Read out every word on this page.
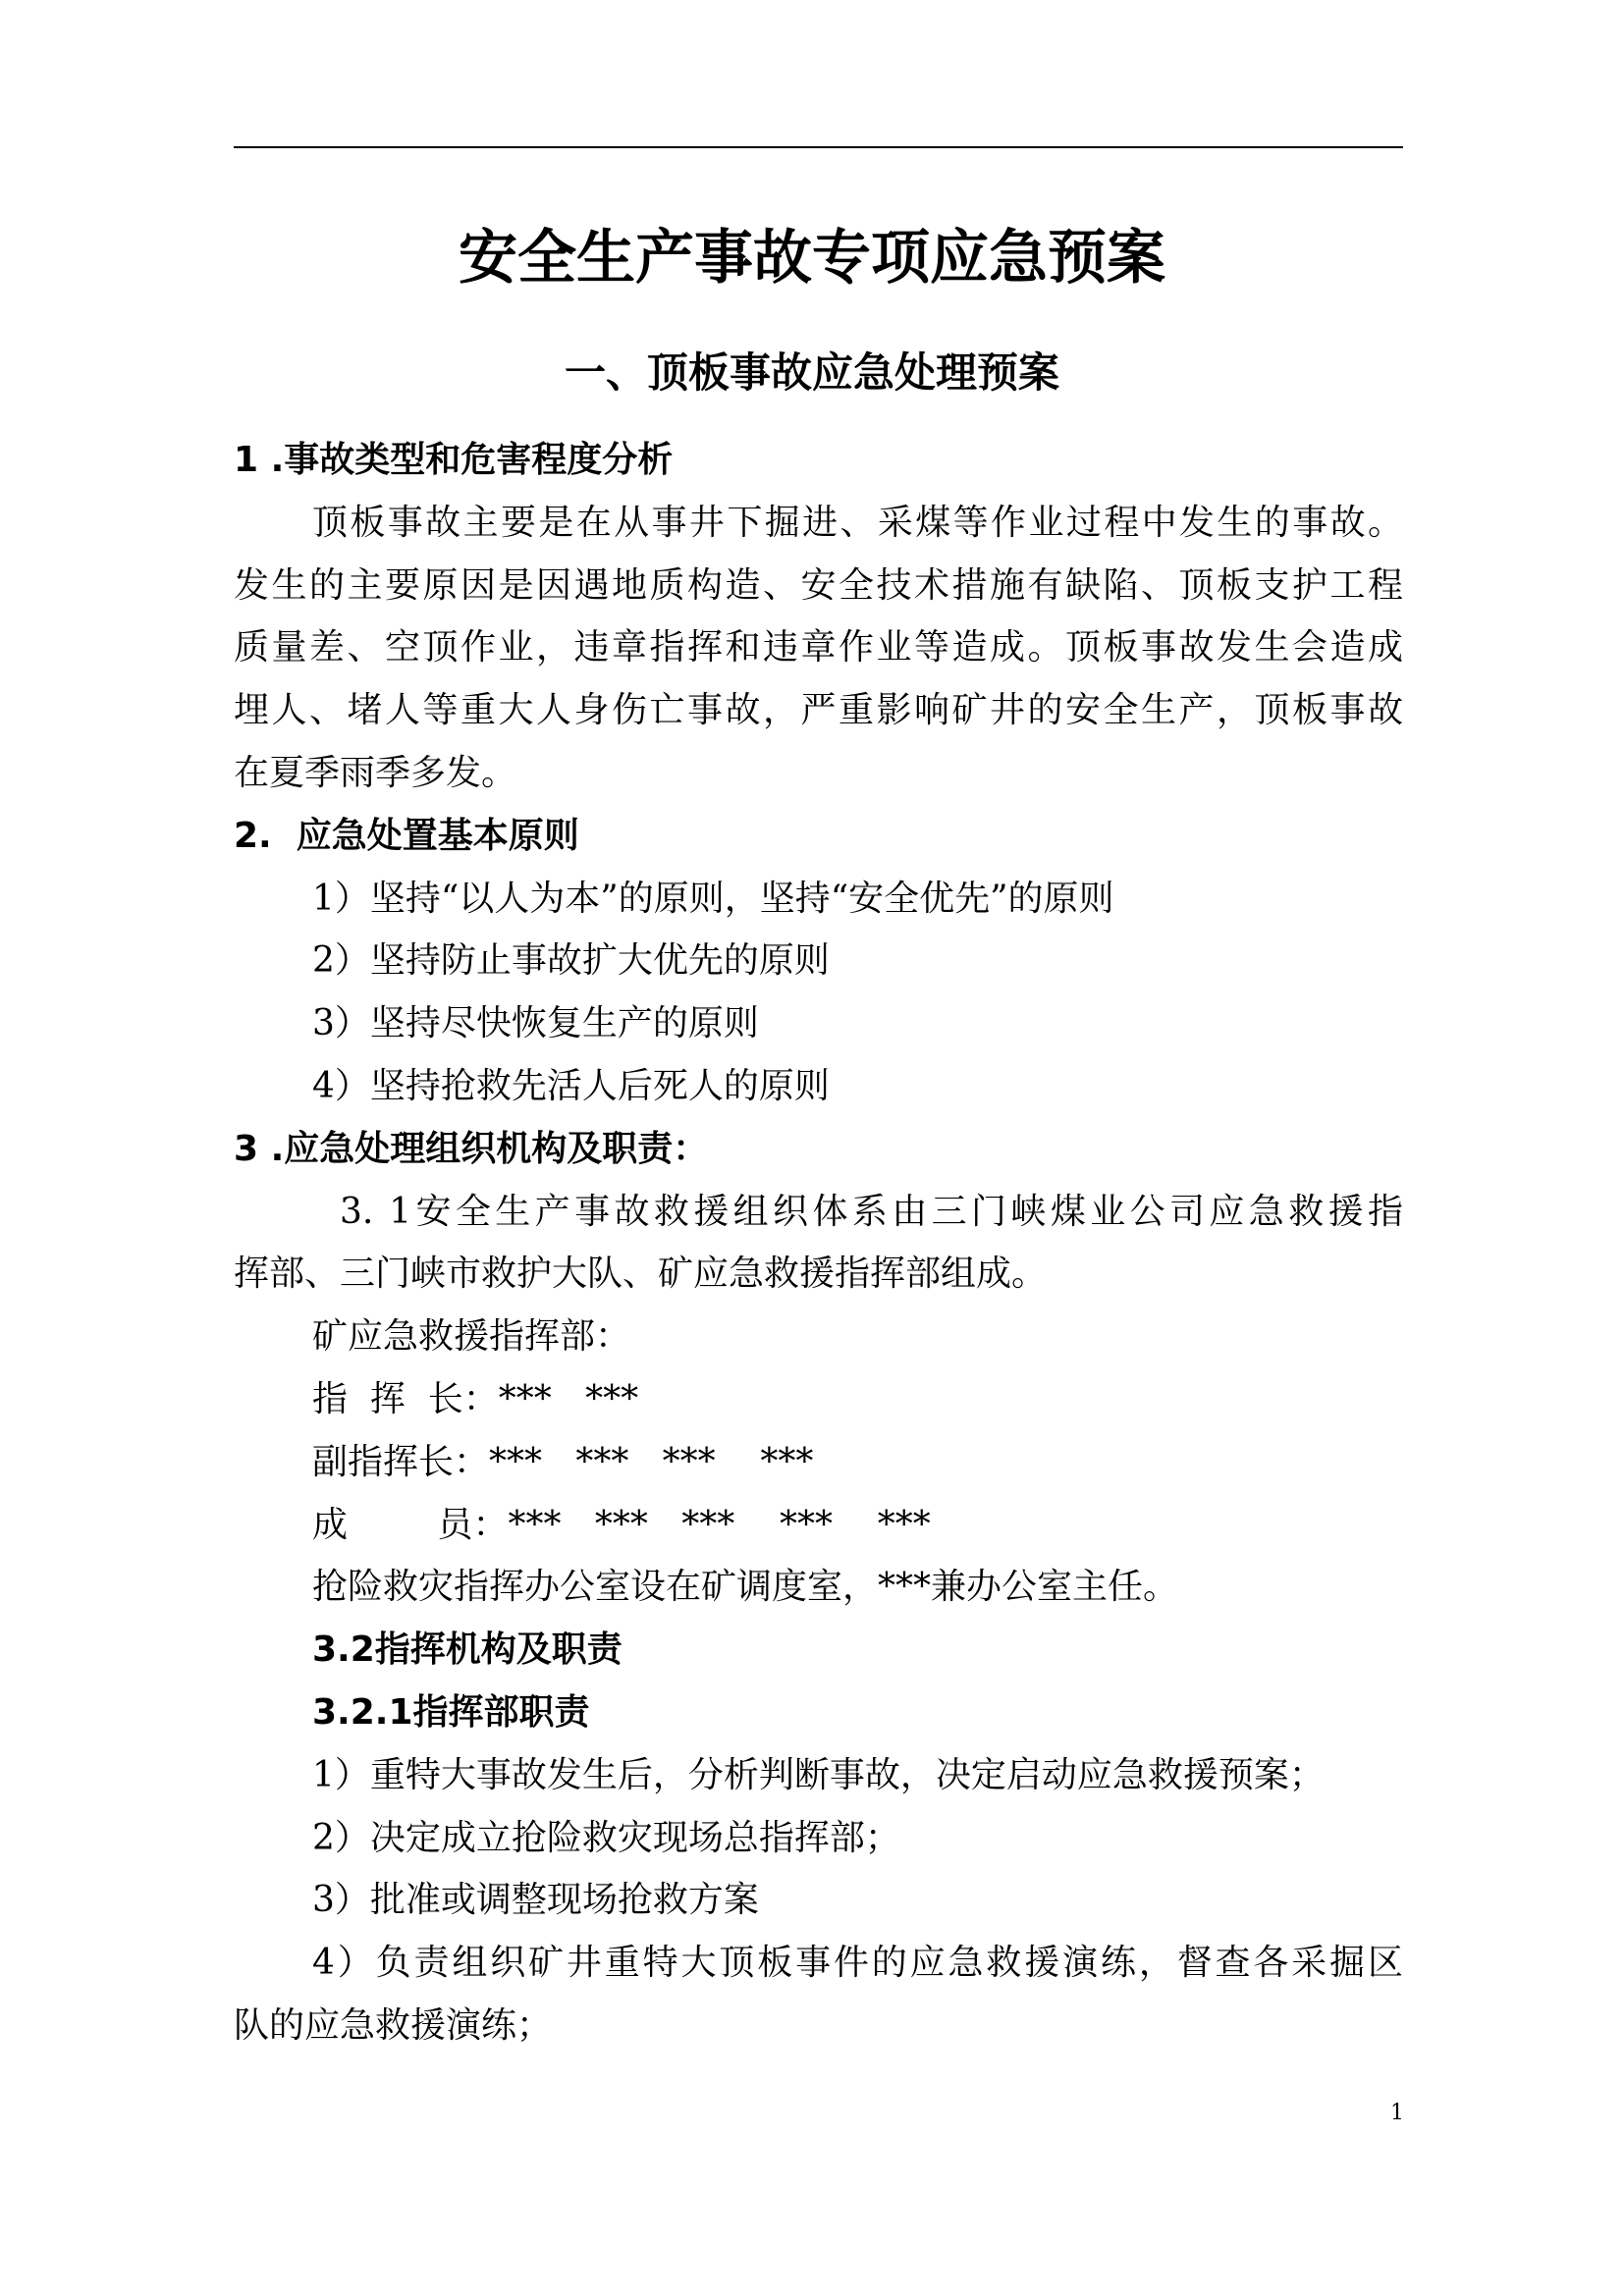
安全生产事故专项应急预案
一、顶板事故应急处理预案
1 .事故类型和危害程度分析
顶板事故主要是在从事井下掘进、采煤等作业过程中发生的事故。
发生的主要原因是因遇地质构造、安全技术措施有缺陷、顶板支护工程
质量差、空顶作业，违章指挥和违章作业等造成。顶板事故发生会造成
埋人、堵人等重大人身伤亡事故，严重影响矿井的安全生产，顶板事故
在夏季雨季多发。
2.  应急处置基本原则
1）坚持“以人为本”的原则，坚持“安全优先”的原则
2）坚持防止事故扩大优先的原则
3）坚持尽快恢复生产的原则
4）坚持抢救先活人后死人的原则
3 .应急处理组织机构及职责：
3. 1安全生产事故救援组织体系由三门峡煤业公司应急救援指
挥部、三门峡市救护大队、矿应急救援指挥部组成。
矿应急救援指挥部：
指  挥  长：***   ***
副指挥长：***   ***   ***    ***
成        员：***   ***   ***    ***    ***
抢险救灾指挥办公室设在矿调度室，***兼办公室主任。
3.2指挥机构及职责
3.2.1指挥部职责
1）重特大事故发生后，分析判断事故，决定启动应急救援预案；
2）决定成立抢险救灾现场总指挥部；
3）批准或调整现场抢救方案
4）负责组织矿井重特大顶板事件的应急救援演练，督查各采掘区
队的应急救援演练；
1
